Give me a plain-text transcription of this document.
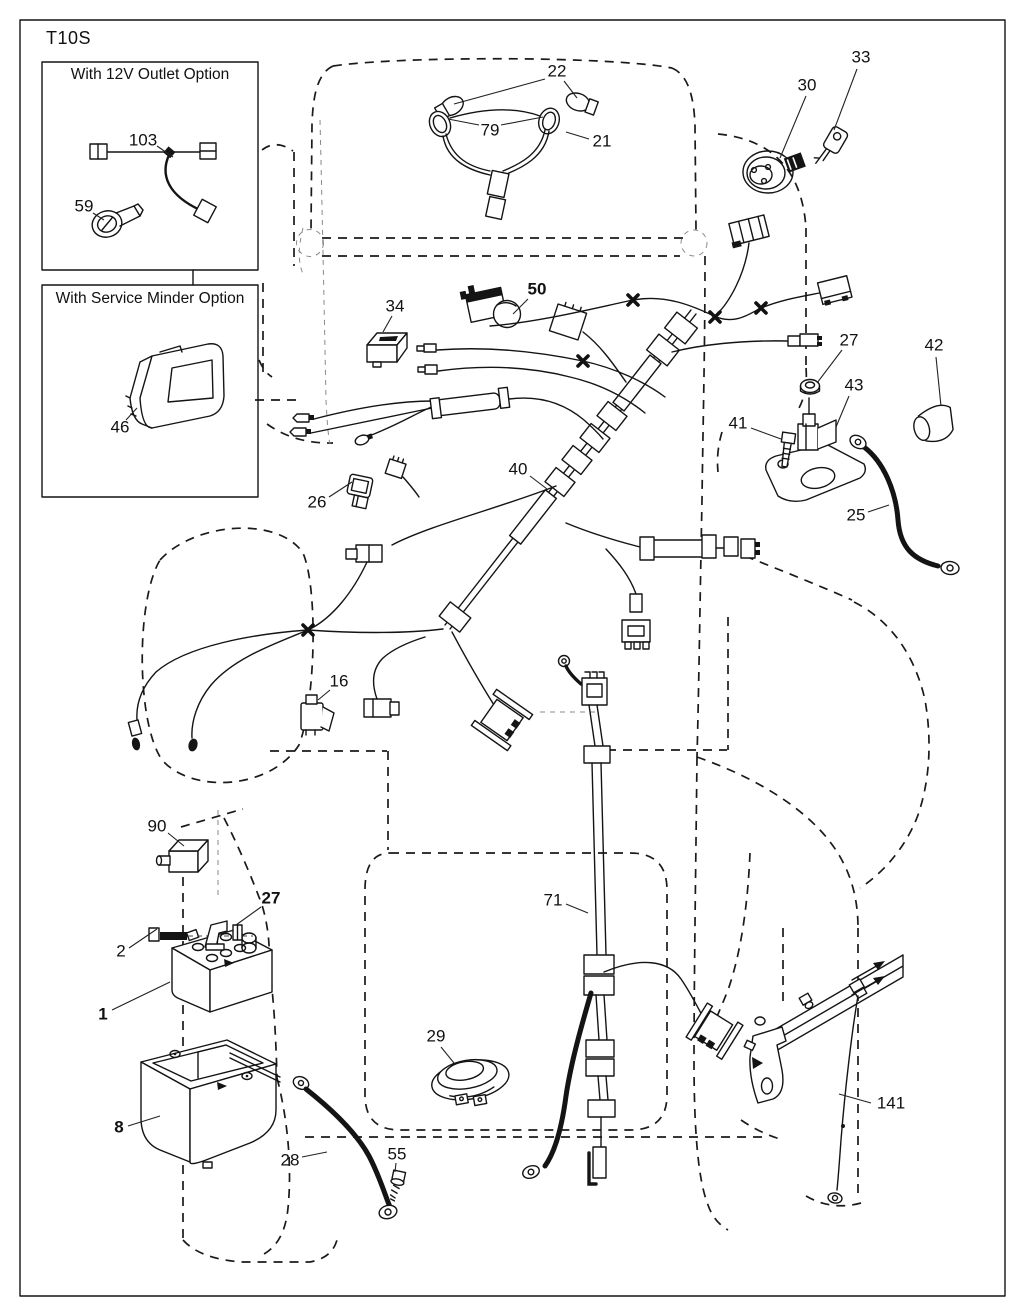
103
59
46
22
79
21
30
33
34
50
27	42
43
41
25
40
26
16
90
27
2
1
8
29
28	55
71
141
T10S
With 12V Outlet Option
With Service Minder Option
